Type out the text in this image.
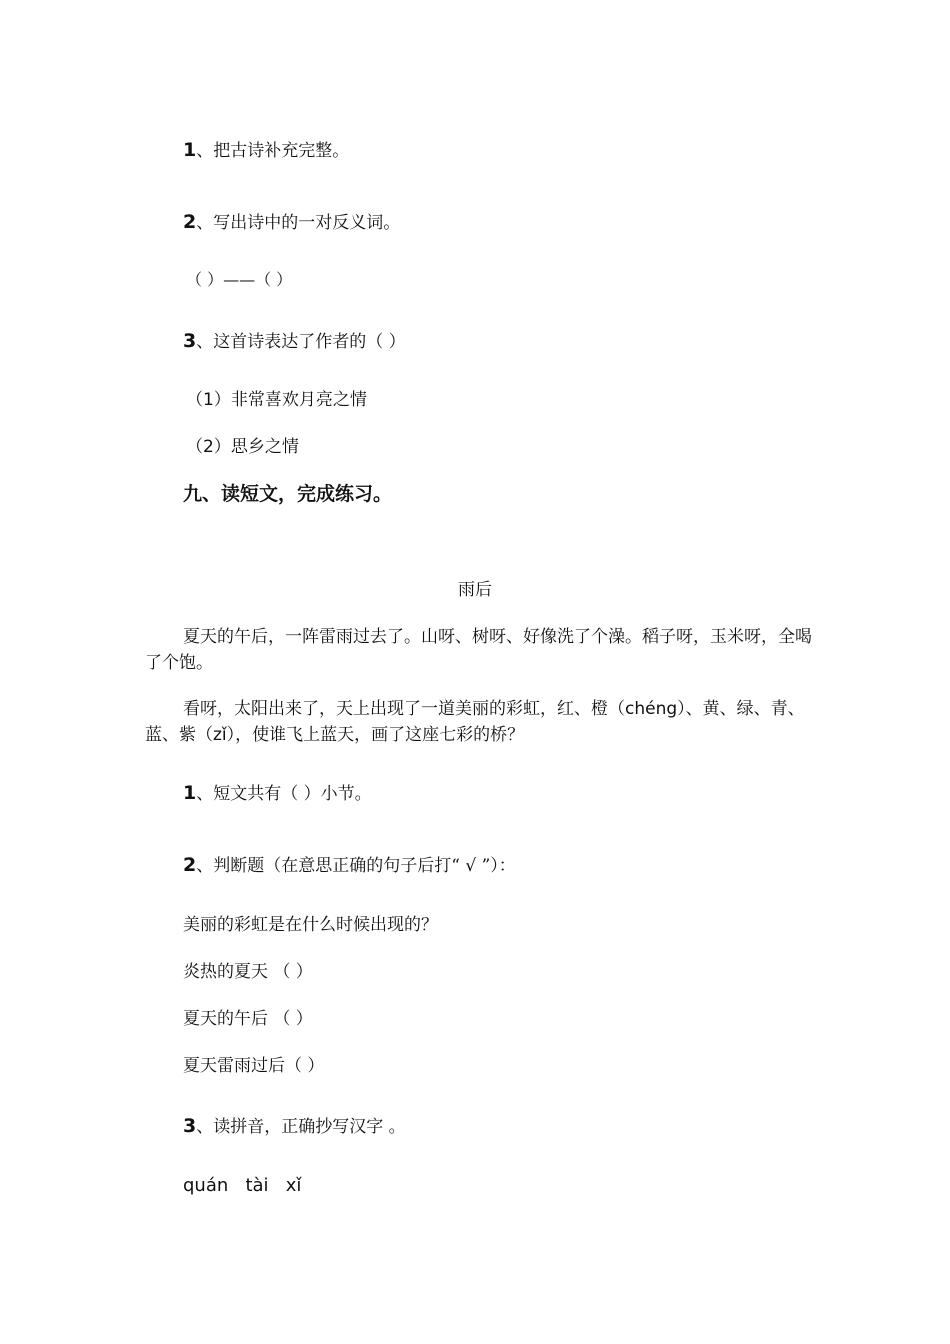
1、把古诗补充完整。
2、写出诗中的一对反义词。
（ ）——（ ）
3、这首诗表达了作者的（ ）
（1）非常喜欢月亮之情
（2）思乡之情
九、读短文，完成练习。
雨后
夏天的午后，一阵雷雨过去了。山呀、树呀、好像洗了个澡。稻子呀，玉米呀，全喝了个饱。
看呀，太阳出来了，天上出现了一道美丽的彩虹，红、橙（chéng）、黄、绿、青、蓝、紫（zǐ），使谁飞上蓝天，画了这座七彩的桥？
1、短文共有（ ）小节。
2、判断题（在意思正确的句子后打“ √ ”）：
美丽的彩虹是在什么时候出现的？
炎热的夏天 （ ）
夏天的午后 （ ）
夏天雷雨过后（ ）
3、读拼音，正确抄写汉字 。
quán tài xǐ
